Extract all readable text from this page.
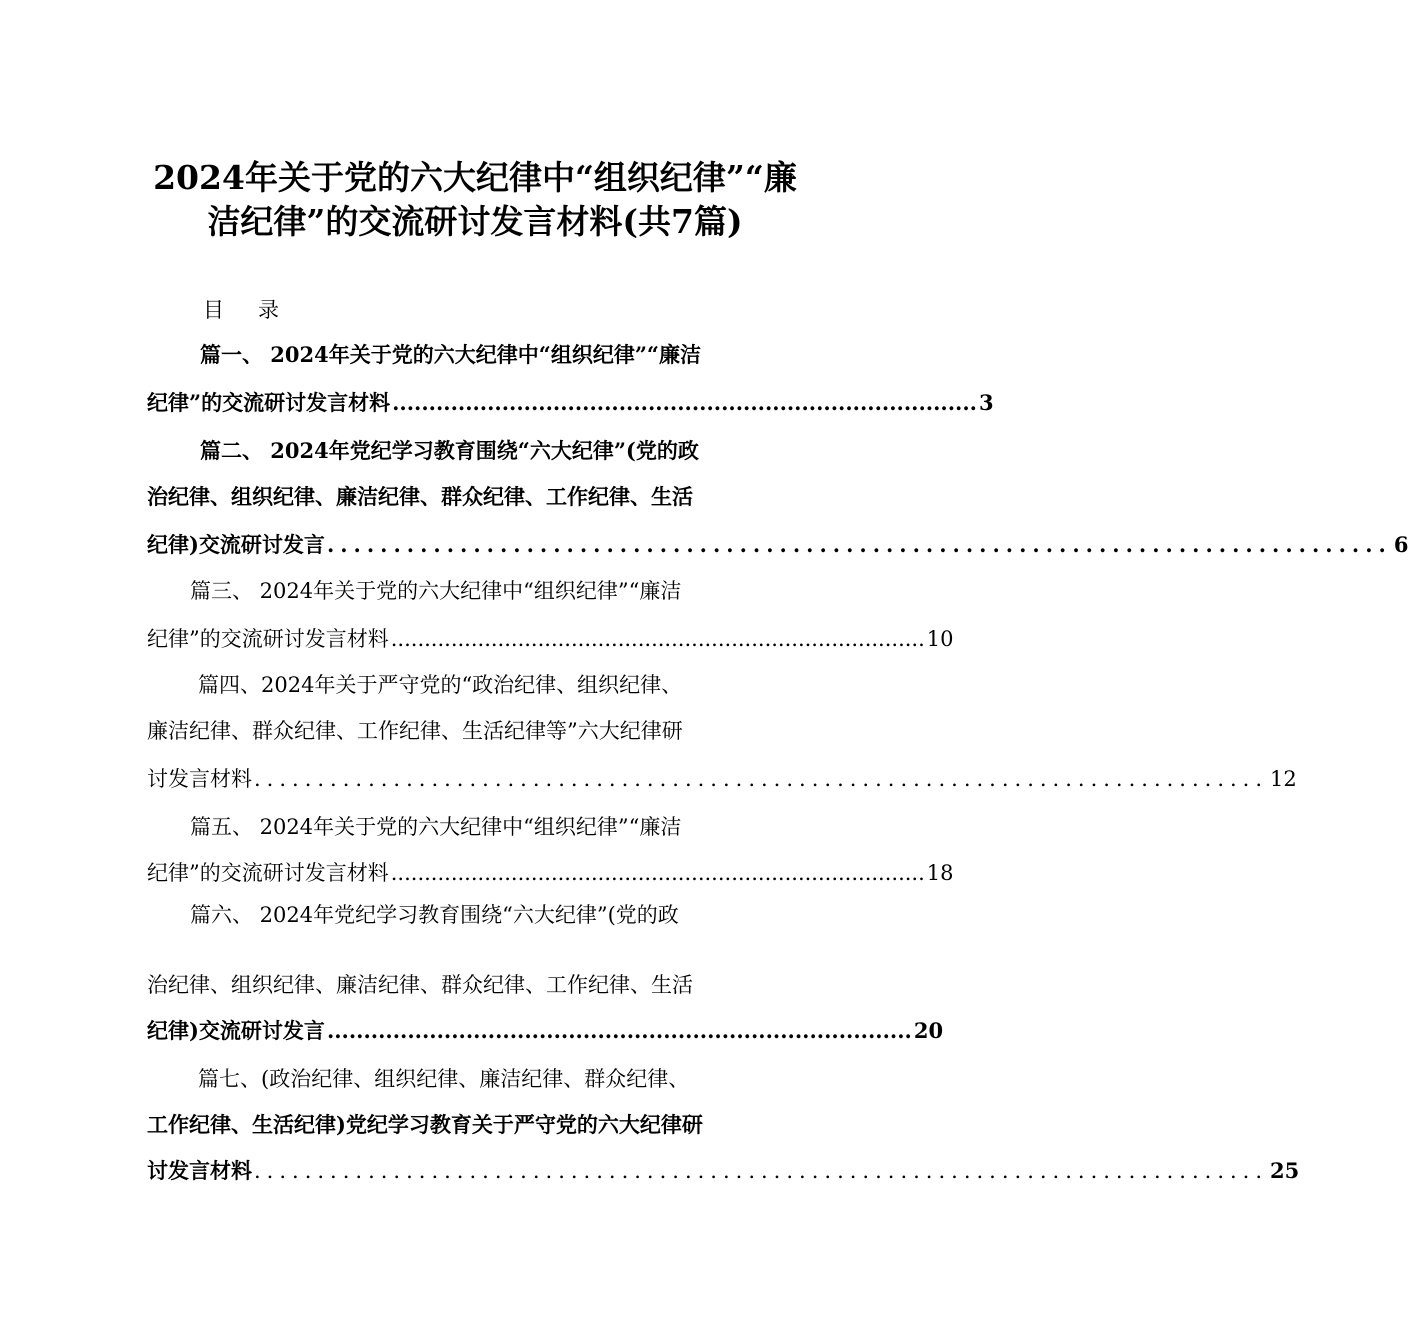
2024年关于党的六大纪律中“组织纪律”“廉
洁纪律”的交流研讨发言材料(共7篇)
目 录
篇一、 2024年关于党的六大纪律中“组织纪律”“廉洁
纪律”的交流研讨发言材料 ................................................................................ 3
篇二、 2024年党纪学习教育围绕“六大纪律”(党的政
治纪律、组织纪律、廉洁纪律、群众纪律、工作纪律、生活
纪律)交流研讨发言 ................................................................................ 6
篇三、 2024年关于党的六大纪律中“组织纪律”“廉洁
纪律”的交流研讨发言材料 ................................................................................ 10
篇四、2024年关于严守党的“政治纪律、组织纪律、
廉洁纪律、群众纪律、工作纪律、生活纪律等”六大纪律研
讨发言材料 ................................................................................ 12
篇五、 2024年关于党的六大纪律中“组织纪律”“廉洁
纪律”的交流研讨发言材料 ................................................................................ 18
篇六、 2024年党纪学习教育围绕“六大纪律”(党的政
治纪律、组织纪律、廉洁纪律、群众纪律、工作纪律、生活
纪律)交流研讨发言 ................................................................................ 20
篇七、(政治纪律、组织纪律、廉洁纪律、群众纪律、
工作纪律、生活纪律)党纪学习教育关于严守党的六大纪律研
讨发言材料 ................................................................................ 25
